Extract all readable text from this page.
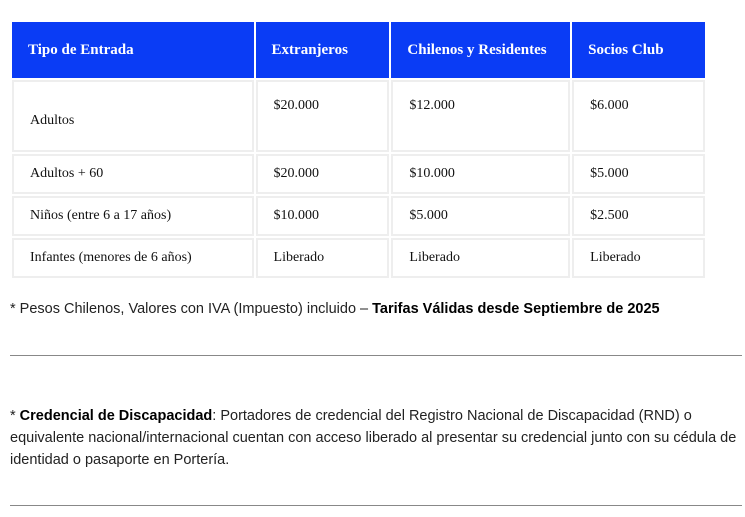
Tipo de Entrada	Extranjeros	Chilenos y Residentes	Socios Club
Adultos	$20.000	$12.000	$6.000
Adultos + 60	$20.000	$10.000	$5.000
Niños (entre 6 a 17 años)	$10.000	$5.000	$2.500
Infantes (menores de 6 años)	Liberado	Liberado	Liberado
* Pesos Chilenos, Valores con IVA (Impuesto) incluido – Tarifas Válidas desde Septiembre de 2025
* Credencial de Discapacidad: Portadores de credencial del Registro Nacional de Discapacidad (RND) o equivalente nacional/internacional cuentan con acceso liberado al presentar su credencial junto con su cédula de identidad o pasaporte en Portería.
